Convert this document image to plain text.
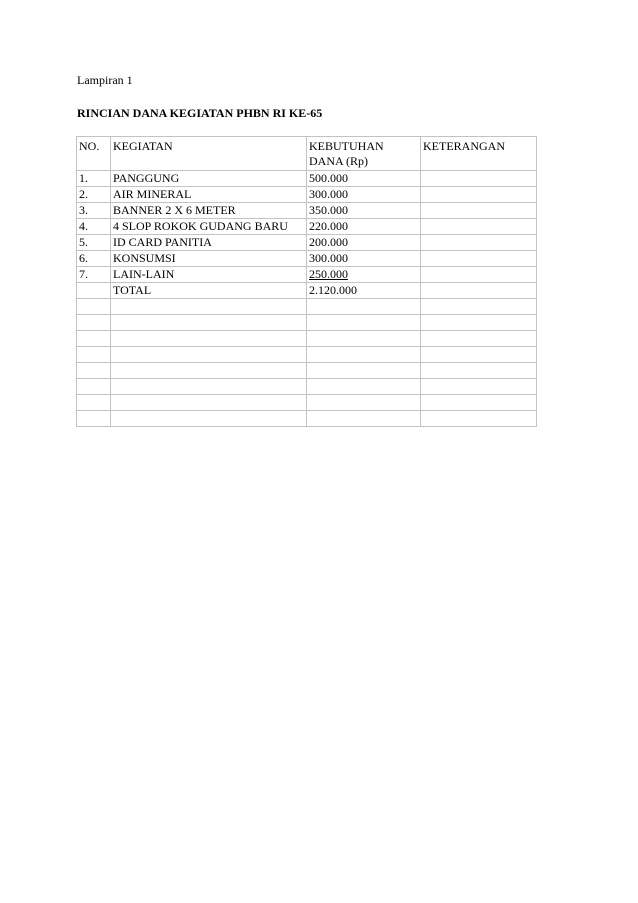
Lampiran 1

RINCIAN DANA KEGIATAN PHBN RI KE-65

NO.	KEGIATAN	KEBUTUHAN DANA (Rp)	KETERANGAN
1.	PANGGUNG	500.000	
2.	AIR MINERAL	300.000	
3.	BANNER 2 X 6 METER	350.000	
4.	4 SLOP ROKOK GUDANG BARU	220.000	
5.	ID CARD PANITIA	200.000	
6.	KONSUMSI	300.000	
7.	LAIN-LAIN	250.000	
	TOTAL	2.120.000	
